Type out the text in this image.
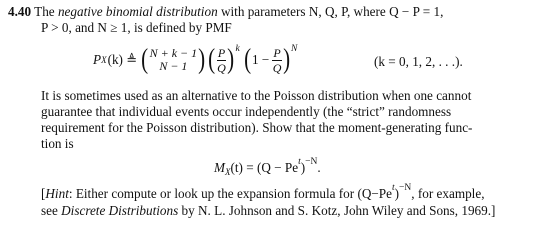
4.40 The negative binomial distribution with parameters N, Q, P, where Q − P = 1,
P > 0, and N ≥ 1, is defined by PMF
P X (k) ≜ ( N + k − 1
N − 1 ) ( $\frac{P}{Q}$ ) k ( $1 - \frac{P}{Q}$ ) N
(k = 0, 1, 2, . . .).
It is sometimes used as an alternative to the Poisson distribution when one cannot
guarantee that individual events occur independently (the “strict” randomness
requirement for the Poisson distribution). Show that the moment-generating func-
tion is
$M_X(t) = (Q - Pe^t)^{-N}$.
[Hint: Either compute or look up the expansion formula for $(Q-Pe^t)^{-N}$, for example,
see Discrete Distributions by N. L. Johnson and S. Kotz, John Wiley and Sons, 1969.]
